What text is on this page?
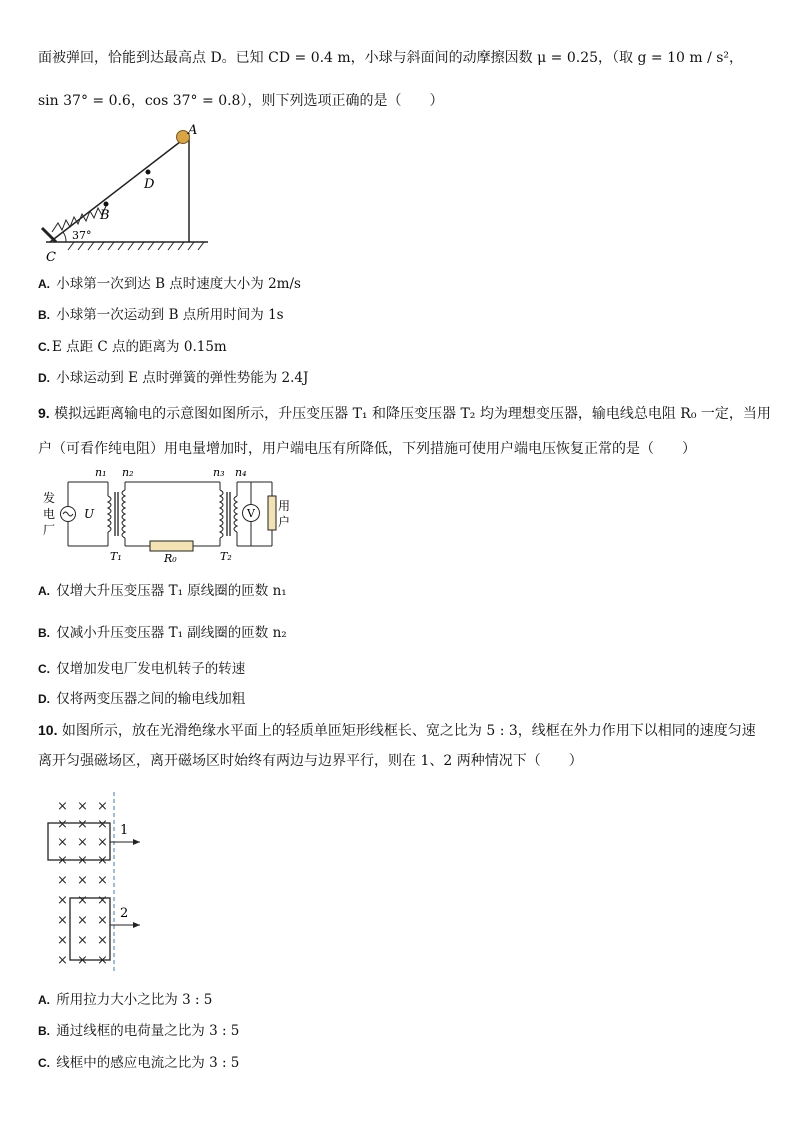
面被弹回，恰能到达最高点 D。已知 CD = 0.4 m，小球与斜面间的动摩擦因数 μ = 0.25，（取 g = 10 m / s²，
sin 37° = 0.6，cos 37° = 0.8），则下列选项正确的是（　　）
A
B
D
C
37°
A. 小球第一次到达 B 点时速度大小为 2m/s
B. 小球第一次运动到 B 点所用时间为 1s
C. E 点距 C 点的距离为 0.15m
D. 小球运动到 E 点时弹簧的弹性势能为 2.4J
9. 模拟远距离输电的示意图如图所示，升压变压器 T₁ 和降压变压器 T₂ 均为理想变压器，输电线总电阻 R₀ 一定，当用
户（可看作纯电阻）用电量增加时，用户端电压有所降低，下列措施可使用户端电压恢复正常的是（　　）
V
n₁ n₂	n₃ n₄
U
T₁	R₀	T₂
发
电
厂
用
户
A. 仅增大升压变压器 T₁ 原线圈的匝数 n₁
B. 仅减小升压变压器 T₁ 副线圈的匝数 n₂
C. 仅增加发电厂发电机转子的转速
D. 仅将两变压器之间的输电线加粗
10. 如图所示，放在光滑绝缘水平面上的轻质单匝矩形线框长、宽之比为 5 : 3，线框在外力作用下以相同的速度匀速
离开匀强磁场区，离开磁场区时始终有两边与边界平行，则在 1、2 两种情况下（　　）
× × ×
× × ×
× × ×
× × ×
× × ×
× × ×
× × ×
× × ×
× × ×
1
2
A. 所用拉力大小之比为 3 : 5
B. 通过线框的电荷量之比为 3 : 5
C. 线框中的感应电流之比为 3 : 5
